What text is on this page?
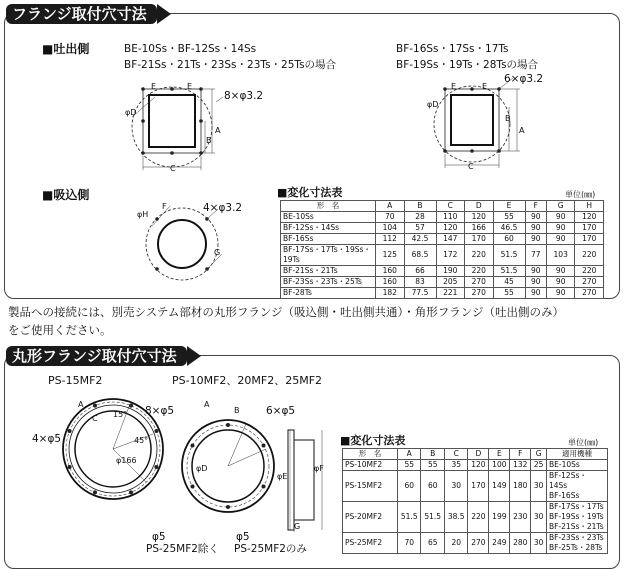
フランジ取付穴寸法
■吐出側	BE-10Ss・BF-12Ss・14Ss
BF-21Ss・21Ts・23Ss・23Ts・25Tsの場合
BF-16Ss・17Ss・17Ts
BF-19Ss・19Ts・28Tsの場合
8×φ3.2
A
B
C
φD
E	E
6×φ3.2
A
B
C
φD
E	E
■吸込側
4×φ3.2
φH
F
G
■変化寸法表	単位(㎜)
形　名	A	B	C	D	E	F	G	H
BE-10Ss	70	28	110	120	55	90	90	120
BF-12Ss・14Ss	104	57	120	166	46.5	90	90	170
BF-16Ss	112	42.5	147	170	60	90	90	170
BF-17Ss・17Ts・19Ss・19Ts	125	68.5	172	220	51.5	77	103	220
BF-21Ss・21Ts	160	66	190	220	51.5	90	90	220
BF-23Ss・23Ts・25Ts	160	83	205	270	45	90	90	270
BF-28Ts	182	77.5	221	270	55	90	90	270
製品への接続には、別売システム部材の丸形フランジ（吸込側・吐出側共通）・角形フランジ（吐出側のみ）
をご使用ください。
丸形フランジ取付穴寸法
PS-15MF2	PS-10MF2、20MF2、25MF2
4×φ5
8×φ5
φ166
15°
45°
A
C
6×φ5
A
B
φD
φ5	φ5
PS-25MF2除く PS-25MF2のみ
φE
φF
G
■変化寸法表	単位(㎜)
形　名	A	B	C	D	E	F	G	適用機種
PS-10MF2	55	55	35	120	100	132	25	BE-10Ss
PS-15MF2	60	60	30	170	149	180	30	BF-12Ss・14Ss
BF-16Ss
PS-20MF2	51.5	51.5	38.5	220	199	230	30	BF-17Ss・17Ts
BF-19Ss・19Ts
BF-21Ss・21Ts
PS-25MF2	70	65	20	270	249	280	30	BF-23Ss・23Ts
BF-25Ts・28Ts
